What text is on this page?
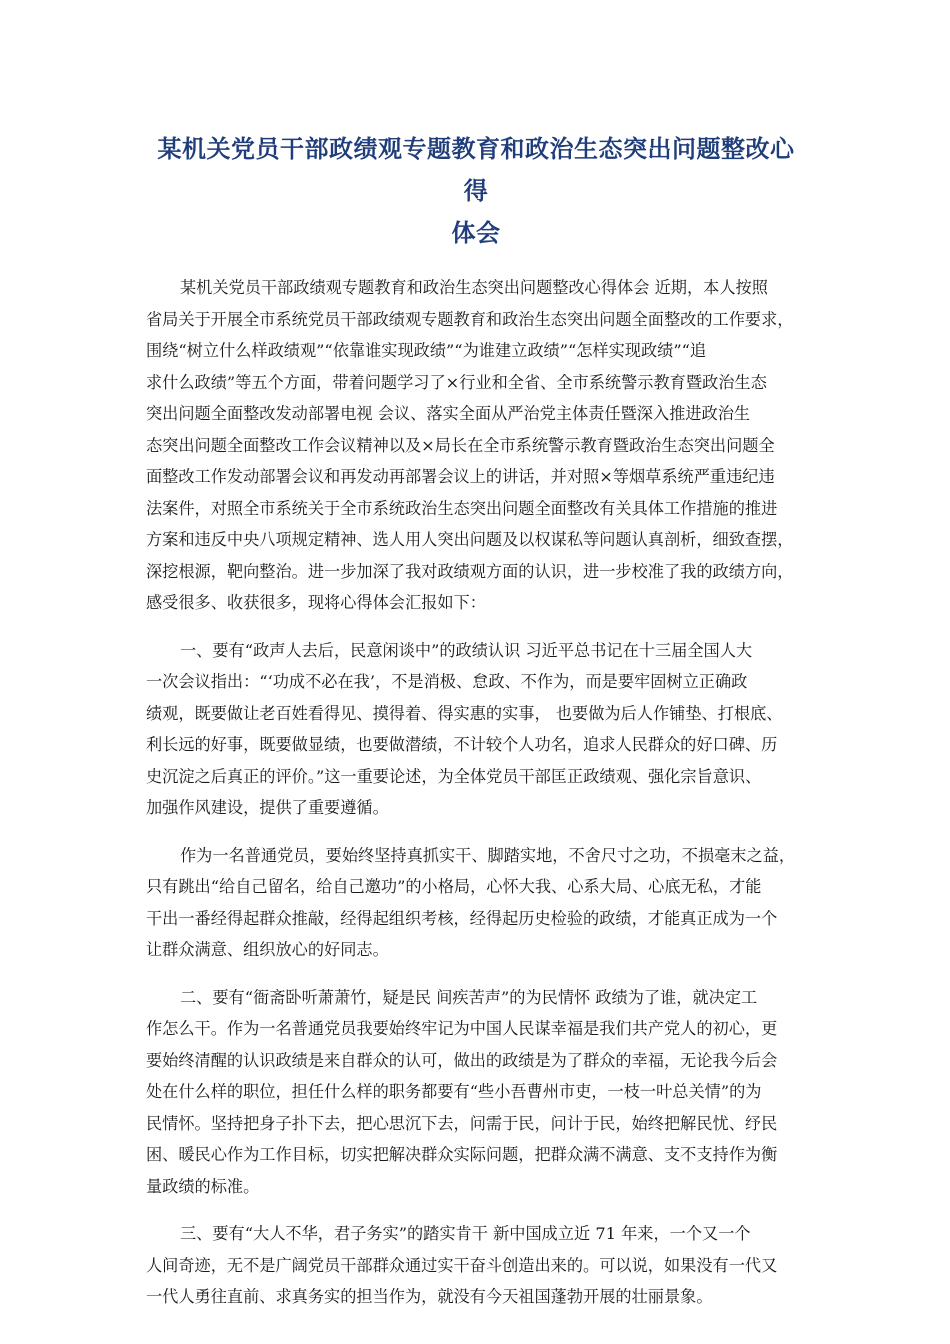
某机关党员干部政绩观专题教育和政治生态突出问题整改心得
体会

某机关党员干部政绩观专题教育和政治生态突出问题整改心得体会 近期，本人按照
省局关于开展全市系统党员干部政绩观专题教育和政治生态突出问题全面整改的工作要求，
围绕“树立什么样政绩观”“依靠谁实现政绩”“为谁建立政绩”“怎样实现政绩”“追
求什么政绩”等五个方面，带着问题学习了×行业和全省、全市系统警示教育暨政治生态
突出问题全面整改发动部署电视 会议、落实全面从严治党主体责任暨深入推进政治生
态突出问题全面整改工作会议精神以及×局长在全市系统警示教育暨政治生态突出问题全
面整改工作发动部署会议和再发动再部署会议上的讲话，并对照×等烟草系统严重违纪违
法案件，对照全市系统关于全市系统政治生态突出问题全面整改有关具体工作措施的推进
方案和违反中央八项规定精神、选人用人突出问题及以权谋私等问题认真剖析，细致查摆，
深挖根源，靶向整治。进一步加深了我对政绩观方面的认识，进一步校准了我的政绩方向，
感受很多、收获很多，现将心得体会汇报如下：

一、要有“政声人去后，民意闲谈中”的政绩认识 习近平总书记在十三届全国人大
一次会议指出：“‘功成不必在我’，不是消极、怠政、不作为，而是要牢固树立正确政
绩观，既要做让老百姓看得见、摸得着、得实惠的实事， 也要做为后人作铺垫、打根底、
利长远的好事，既要做显绩，也要做潜绩，不计较个人功名，追求人民群众的好口碑、历
史沉淀之后真正的评价。”这一重要论述，为全体党员干部匡正政绩观、强化宗旨意识、
加强作风建设，提供了重要遵循。

作为一名普通党员，要始终坚持真抓实干、脚踏实地，不舍尺寸之功，不损毫末之益，
只有跳出“给自己留名，给自己邀功”的小格局，心怀大我、心系大局、心底无私，才能
干出一番经得起群众推敲，经得起组织考核，经得起历史检验的政绩，才能真正成为一个
让群众满意、组织放心的好同志。

二、要有“衙斋卧听萧萧竹，疑是民 间疾苦声”的为民情怀 政绩为了谁，就决定工
作怎么干。作为一名普通党员我要始终牢记为中国人民谋幸福是我们共产党人的初心，更
要始终清醒的认识政绩是来自群众的认可，做出的政绩是为了群众的幸福，无论我今后会
处在什么样的职位，担任什么样的职务都要有“些小吾曹州市吏，一枝一叶总关情”的为
民情怀。坚持把身子扑下去，把心思沉下去，问需于民，问计于民，始终把解民忧、纾民
困、暖民心作为工作目标，切实把解决群众实际问题，把群众满不满意、支不支持作为衡
量政绩的标准。

三、要有“大人不华，君子务实”的踏实肯干 新中国成立近 71 年来，一个又一个
人间奇迹，无不是广阔党员干部群众通过实干奋斗创造出来的。可以说，如果没有一代又
一代人勇往直前、求真务实的担当作为，就没有今天祖国蓬勃开展的壮丽景象。
